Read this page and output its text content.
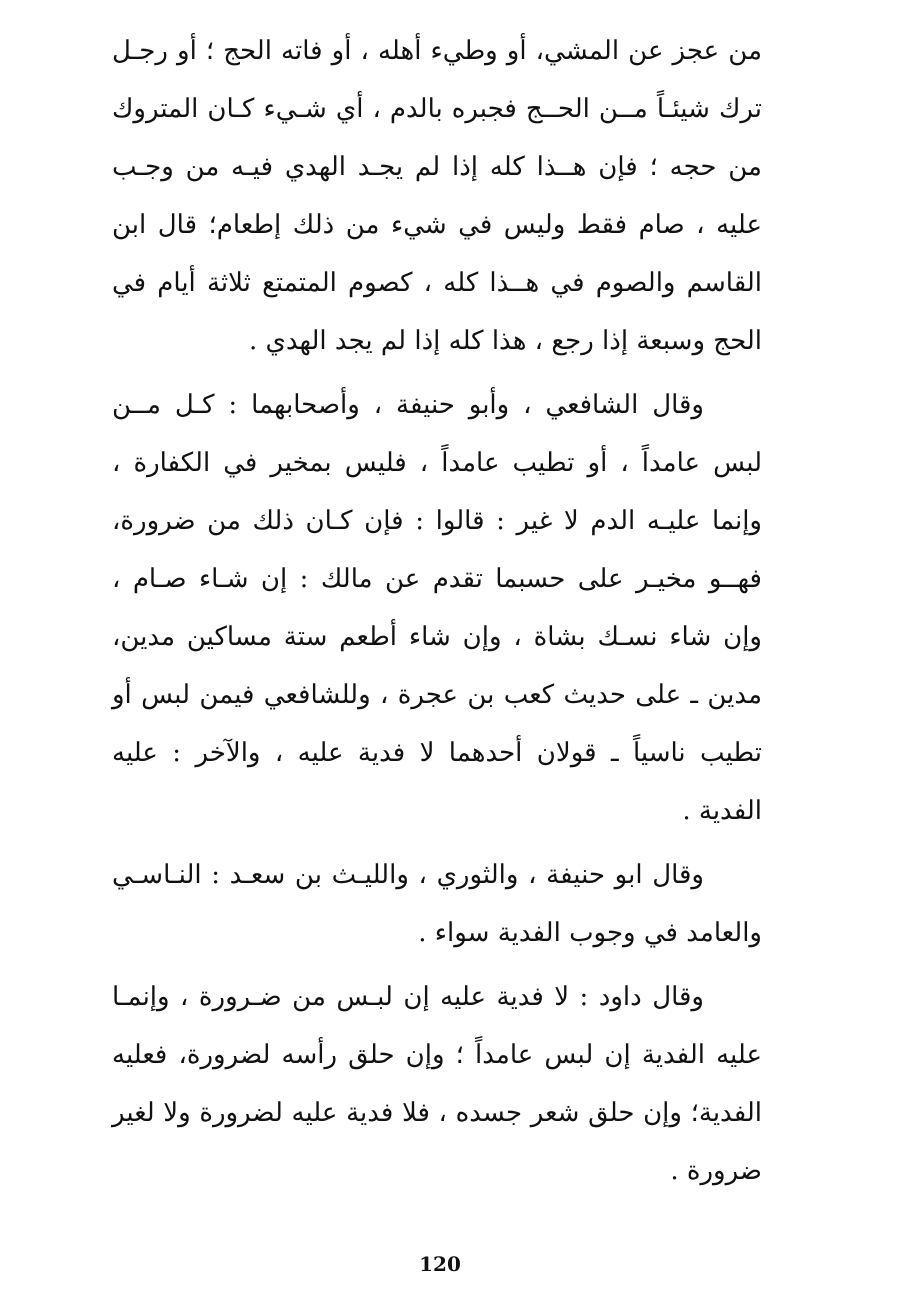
من عجز عن المشي، أو وطيء أهله ، أو فاته الحج ؛ أو رجـل ترك شيئـاً مــن الحــج فجبره بالدم ، أي شـيء كـان المتروك من حجه ؛ فإن هــذا كله إذا لم يجـد الهدي فيـه من وجـب عليه ، صام فقط وليس في شيء من ذلك إطعام؛ قال ابن القاسم والصوم في هــذا كله ، كصوم المتمتع ثلاثة أيام في الحج وسبعة إذا رجع ، هذا كله إذا لم يجد الهدي .

وقال الشافعي ، وأبو حنيفة ، وأصحابهما : كـل مــن لبس عامداً ، أو تطيب عامداً ، فليس بمخير في الكفارة ، وإنما عليـه الدم لا غير : قالوا : فإن كـان ذلك من ضرورة، فهــو مخيـر على حسبما تقدم عن مالك : إن شـاء صـام ، وإن شاء نسـك بشاة ، وإن شاء أطعم ستة مساكين مدين، مدين ـ على حديث كعب بن عجرة ، وللشافعي فيمن لبس أو تطيب ناسياً ـ قولان أحدهما لا فدية عليه ، والآخر : عليه الفدية .

وقال ابو حنيفة ، والثوري ، والليـث بن سعـد : النـاسـي والعامد في وجوب الفدية سواء .

وقال داود : لا فدية عليه إن لبـس من ضـرورة ، وإنمـا عليه الفدية إن لبس عامداً ؛ وإن حلق رأسه لضرورة، فعليه الفدية؛ وإن حلق شعر جسده ، فلا فدية عليه لضرورة ولا لغير ضرورة .

120
